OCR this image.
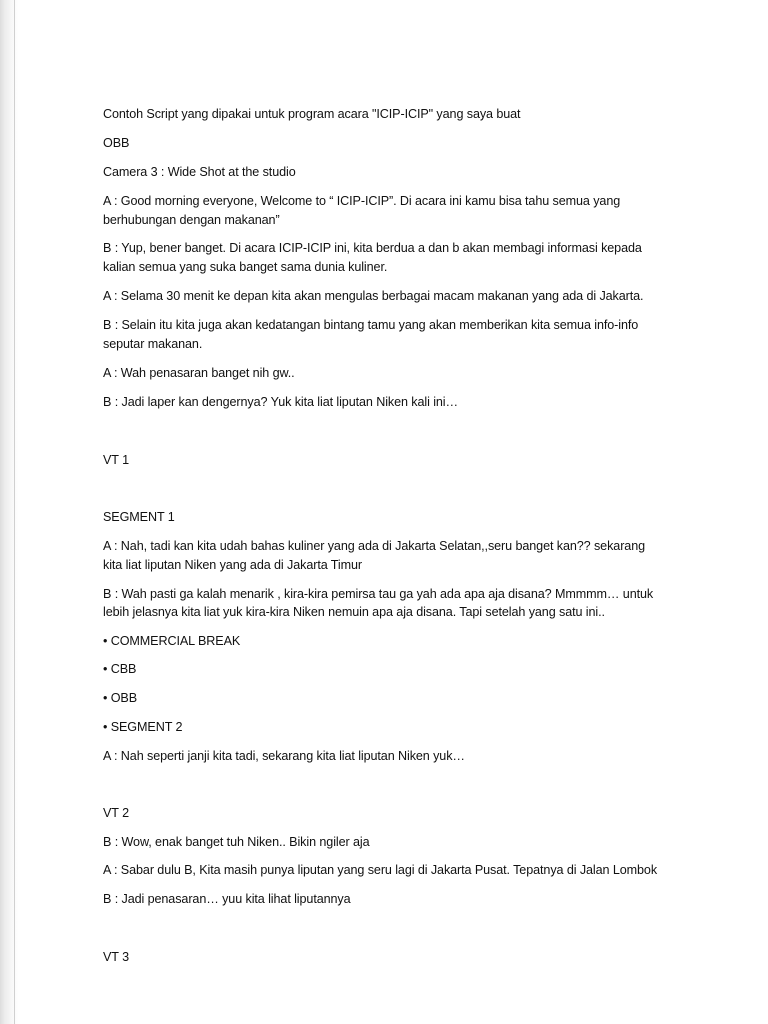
Contoh Script yang dipakai untuk program acara "ICIP-ICIP" yang saya buat
OBB
Camera 3 : Wide Shot at the studio
A : Good morning everyone, Welcome to “ ICIP-ICIP”. Di acara ini kamu bisa tahu semua yang
berhubungan dengan makanan”
B : Yup, bener banget. Di acara ICIP-ICIP ini, kita berdua a dan b akan membagi informasi kepada
kalian semua yang suka banget sama dunia kuliner.
A : Selama 30 menit ke depan kita akan mengulas berbagai macam makanan yang ada di Jakarta.
B : Selain itu kita juga akan kedatangan bintang tamu yang akan memberikan kita semua info-info
seputar makanan.
A : Wah penasaran banget nih gw..
B : Jadi laper kan dengernya? Yuk kita liat liputan Niken kali ini…
VT 1
SEGMENT 1
A : Nah, tadi kan kita udah bahas kuliner yang ada di Jakarta Selatan,,seru banget kan?? sekarang
kita liat liputan Niken yang ada di Jakarta Timur
B : Wah pasti ga kalah menarik , kira-kira pemirsa tau ga yah ada apa aja disana? Mmmmm… untuk
lebih jelasnya kita liat yuk kira-kira Niken nemuin apa aja disana. Tapi setelah yang satu ini..
• COMMERCIAL BREAK
• CBB
• OBB
• SEGMENT 2
A : Nah seperti janji kita tadi, sekarang kita liat liputan Niken yuk…
VT 2
B : Wow, enak banget tuh Niken.. Bikin ngiler aja
A : Sabar dulu B, Kita masih punya liputan yang seru lagi di Jakarta Pusat. Tepatnya di Jalan Lombok
B : Jadi penasaran… yuu kita lihat liputannya
VT 3
